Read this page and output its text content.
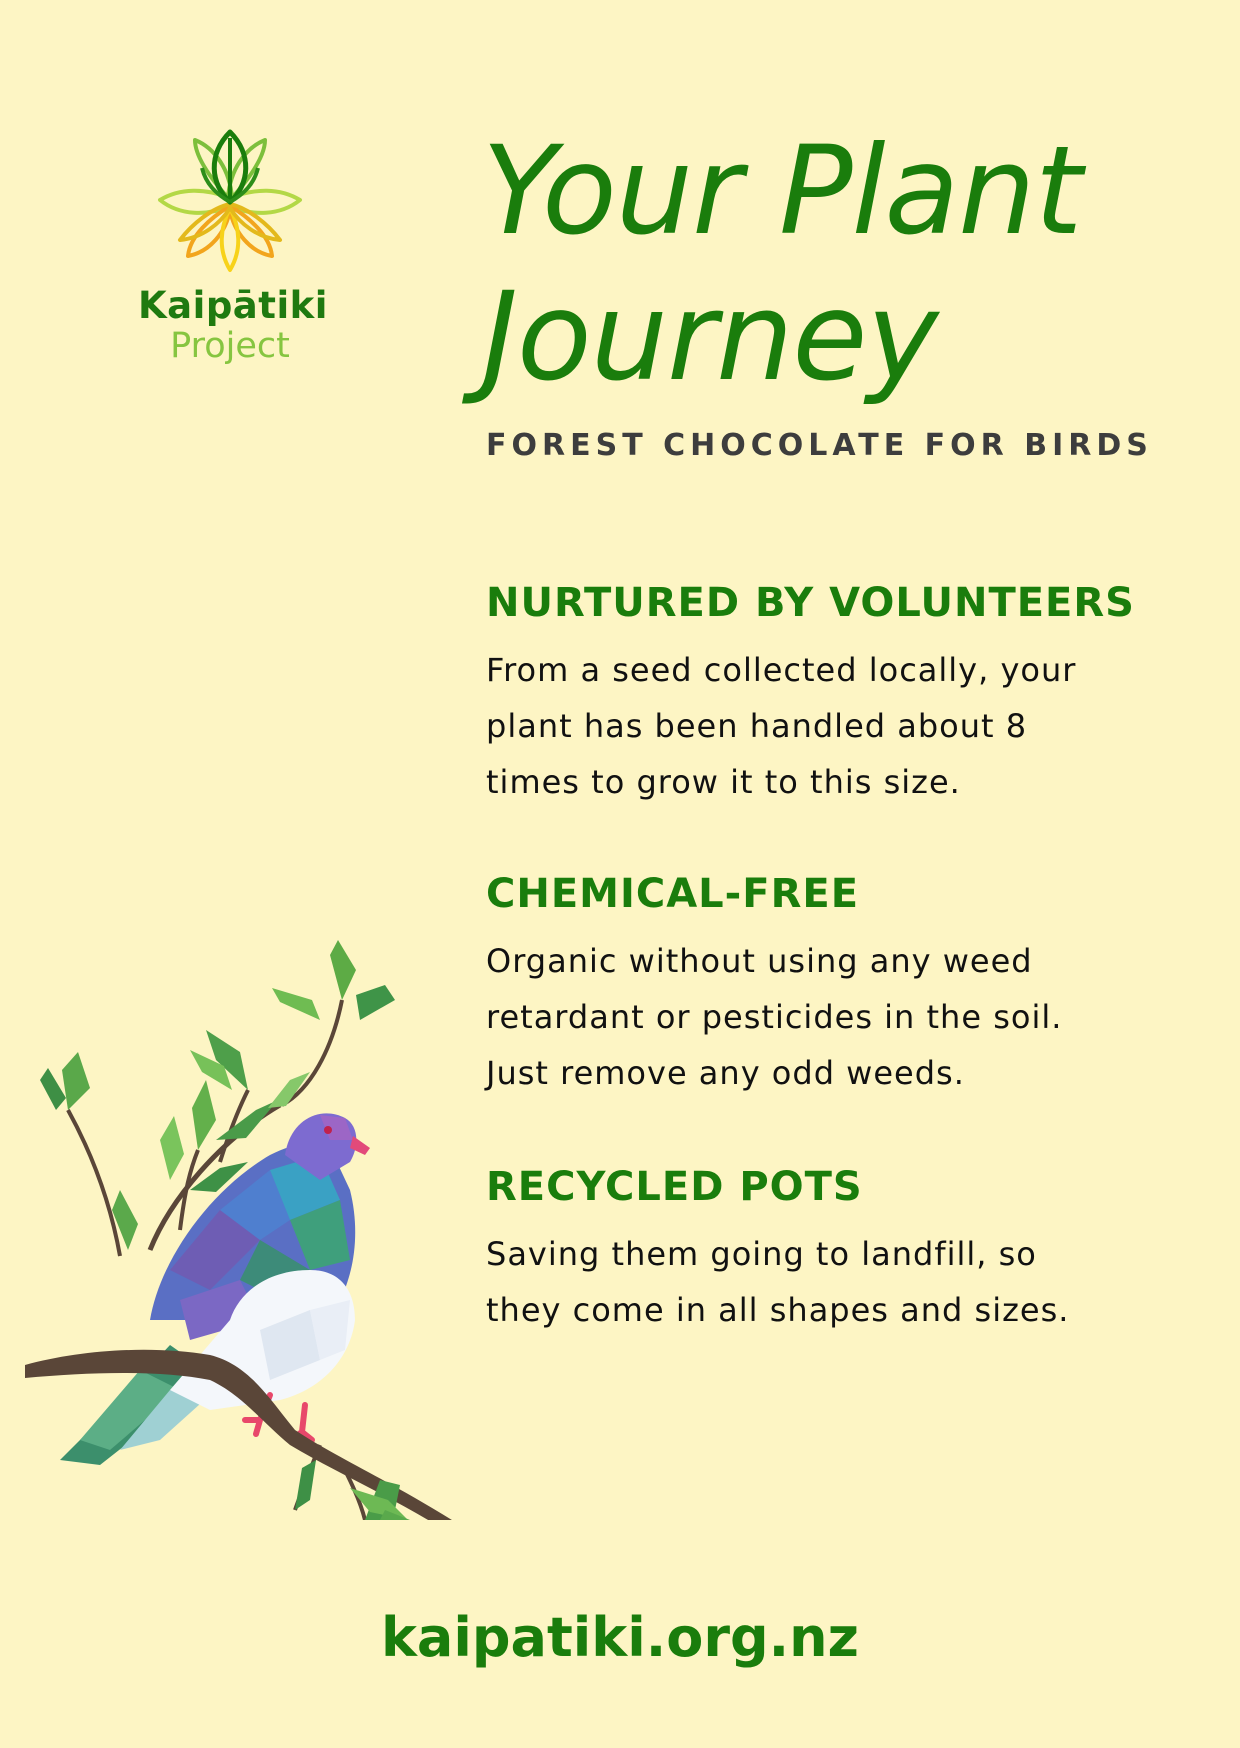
Kaipātiki
Project
Your Plant
Journey
FOREST CHOCOLATE FOR BIRDS
NURTURED BY VOLUNTEERS
From a seed collected locally, your
plant has been handled about 8
times to grow it to this size.
CHEMICAL-FREE
Organic without using any weed
retardant or pesticides in the soil.
Just remove any odd weeds.
RECYCLED POTS
Saving them going to landfill, so
they come in all shapes and sizes.
kaipatiki.org.nz
